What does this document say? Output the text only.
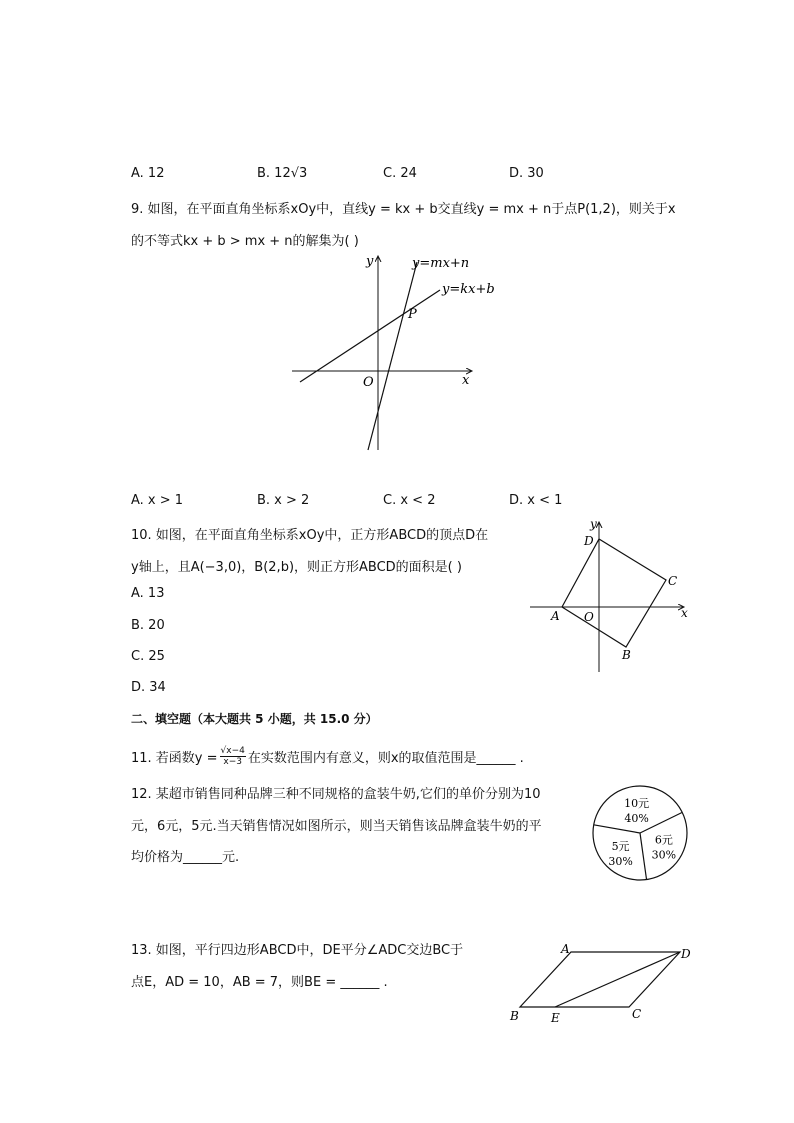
A. 12	B. 12√3	C. 24	D. 30
9. 如图，在平面直角坐标系xOy中，直线y = kx + b交直线y = mx + n于点P(1,2)，则关于x
的不等式kx + b > mx + n的解集为( )
y
x
O
P
y=mx+n
y=kx+b
A. x > 1	B. x > 2	C. x < 2	D. x < 1
10. 如图，在平面直角坐标系xOy中，正方形ABCD的顶点D在
y轴上，且A(−3,0)，B(2,b)，则正方形ABCD的面积是( )
A. 13
B. 20
C. 25
D. 34
y
x
O
A
B
C
D
二、填空题（本大题共 5 小题，共 15.0 分）
11. 若函数$y = \frac{√x-4}{x-3}$ 在实数范围内有意义，则x的取值范围是______ .
12. 某超市销售同种品牌三种不同规格的盒装牛奶,它们的单价分别为10
元，6元，5元.当天销售情况如图所示，则当天销售该品牌盒装牛奶的平
均价格为______元.
10元
40%
6元
30%
5元
30%
13. 如图，平行四边形ABCD中，DE平分∠ADC交边BC于
点E，AD = 10，AB = 7，则BE = ______ .
A
B	C
D
E
